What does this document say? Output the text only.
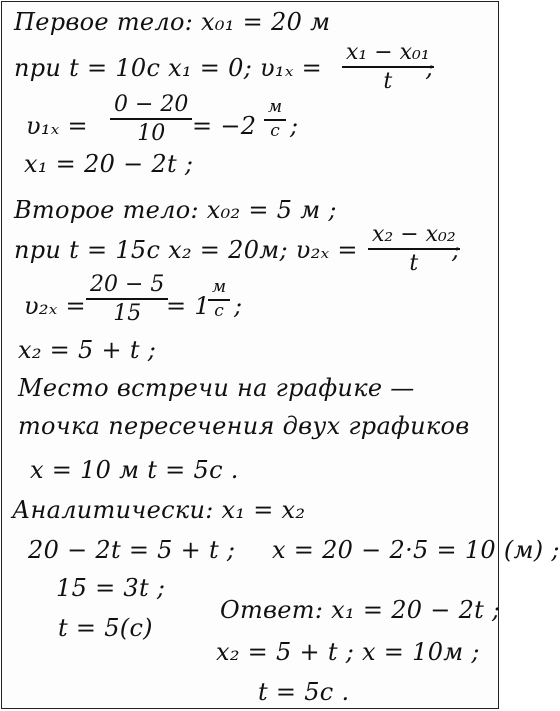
Первое тело: x₀₁ = 20 м
при t = 10с x₁ = 0; $\upsilon_{1x} = \frac{\text{x₁ − x₀₁}}{t}$
;
$\upsilon_{1x} = \frac{0 - 20}{10} = -2$
м
с ;
x₁ = 20 − 2t ;
Второе тело: x₀₂ = 5 м ;
при t = 15с x₂ = 20м; $\upsilon_{2x} = \frac{\text{x₂ − x₀₂}}{t}$
;
$\upsilon_{2x} = \frac{20 - 5}{15}$
= 1
м
с ;
x₂ = 5 + t ;
Место встречи на графике —
точка пересечения двух графиков
x = 10 м t = 5с .
Аналитически: x₁ = x₂
20 − 2t = 5 + t ; x = 20 − 2·5 = 10 (м) ;
15 = 3t ;
t = 5(с)
Ответ: x₁ = 20 − 2t ;
x₂ = 5 + t ; x = 10м ;
t = 5с .
